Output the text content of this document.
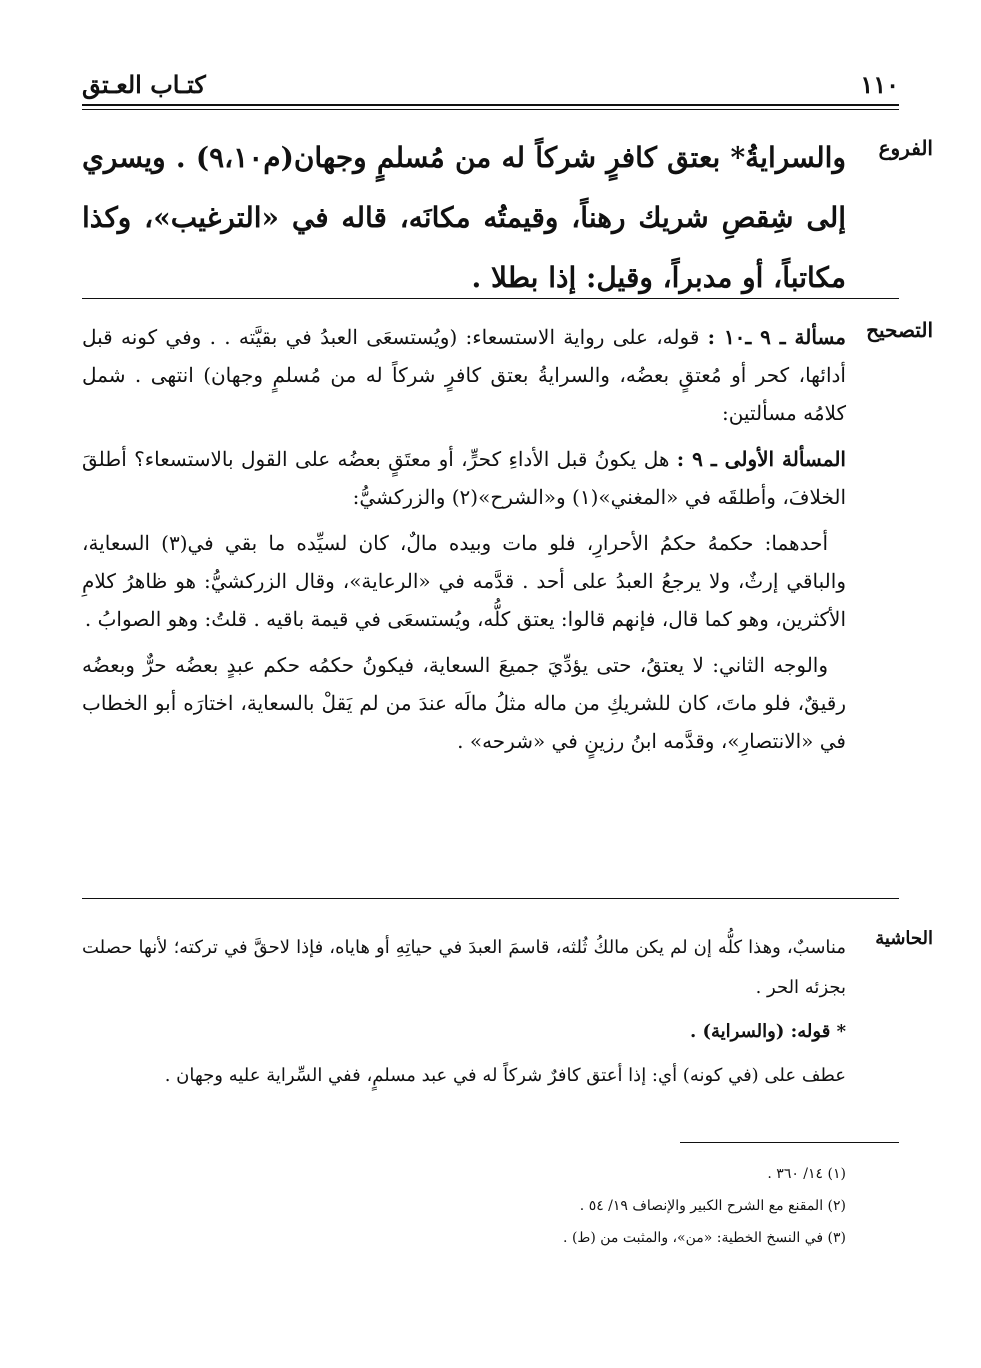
كتـاب العـتق	١١٠
الفروع

والسرايةُ* بعتق كافرٍ شركاً له من مُسلمٍ وجهان(م٩،١٠) . ويسري إلى شِقصِ شريك رهناً، وقيمتُه مكانَه، قاله في «الترغيب»، وكذا مكاتباً، أو مدبراً، وقيل: إذا بطلا .

التصحيح

مسألة ـ ٩ ـ١٠ : قوله، على رواية الاستسعاء: (ويُستسعَى العبدُ في بقيَّته . . وفي كونه قبل أدائها، كحر أو مُعتقٍ بعضُه، والسرايةُ بعتق كافرٍ شركاً له من مُسلمٍ وجهان) انتهى . شمل كلامُه مسألتين:

المسألة الأولى ـ ٩ : هل يكونُ قبل الأداءِ كحرٍّ، أو معتَقٍ بعضُه على القول بالاستسعاء؟ أطلقَ الخلافَ، وأطلقَه في «المغني»(١) و«الشرح»(٢) والزركشيُّ:

أحدهما: حكمهُ حكمُ الأحرارِ، فلو مات وبيده مالٌ، كان لسيِّده ما بقي في(٣) السعاية، والباقي إرثٌ، ولا يرجعُ العبدُ على أحد . قدَّمه في «الرعاية»، وقال الزركشيُّ: هو ظاهرُ كلامِ الأكثرين، وهو كما قال، فإنهم قالوا: يعتق كلُّه، ويُستسعَى في قيمة باقيه . قلتُ: وهو الصوابُ .

والوجه الثاني: لا يعتقُ، حتى يؤدِّيَ جميعَ السعاية، فيكونُ حكمُه حكم عبدٍ بعضُه حرٌّ وبعضُه رقيقٌ، فلو ماتَ، كان للشريكِ من ماله مثلُ مالَه عندَ من لم يَقلْ بالسعاية، اختارَه أبو الخطاب في «الانتصارِ»، وقدَّمه ابنُ رزينٍ في «شرحه» .

الحاشية

مناسبٌ، وهذا كلُّه إن لم يكن مالكُ ثُلثه، قاسمَ العبدَ في حياتِهِ أو هاياه، فإذا لاحقَّ في تركته؛ لأنها حصلت بجزئه الحر .

* قوله: (والسراية) .

عطف على (في كونه) أي: إذا أعتق كافرٌ شركاً له في عبد مسلمٍ، ففي السِّراية عليه وجهان .

(١) ١٤/ ٣٦٠ .

(٢) المقنع مع الشرح الكبير والإنصاف ١٩/ ٥٤ .

(٣) في النسخ الخطية: «من»، والمثبت من (ط) .
